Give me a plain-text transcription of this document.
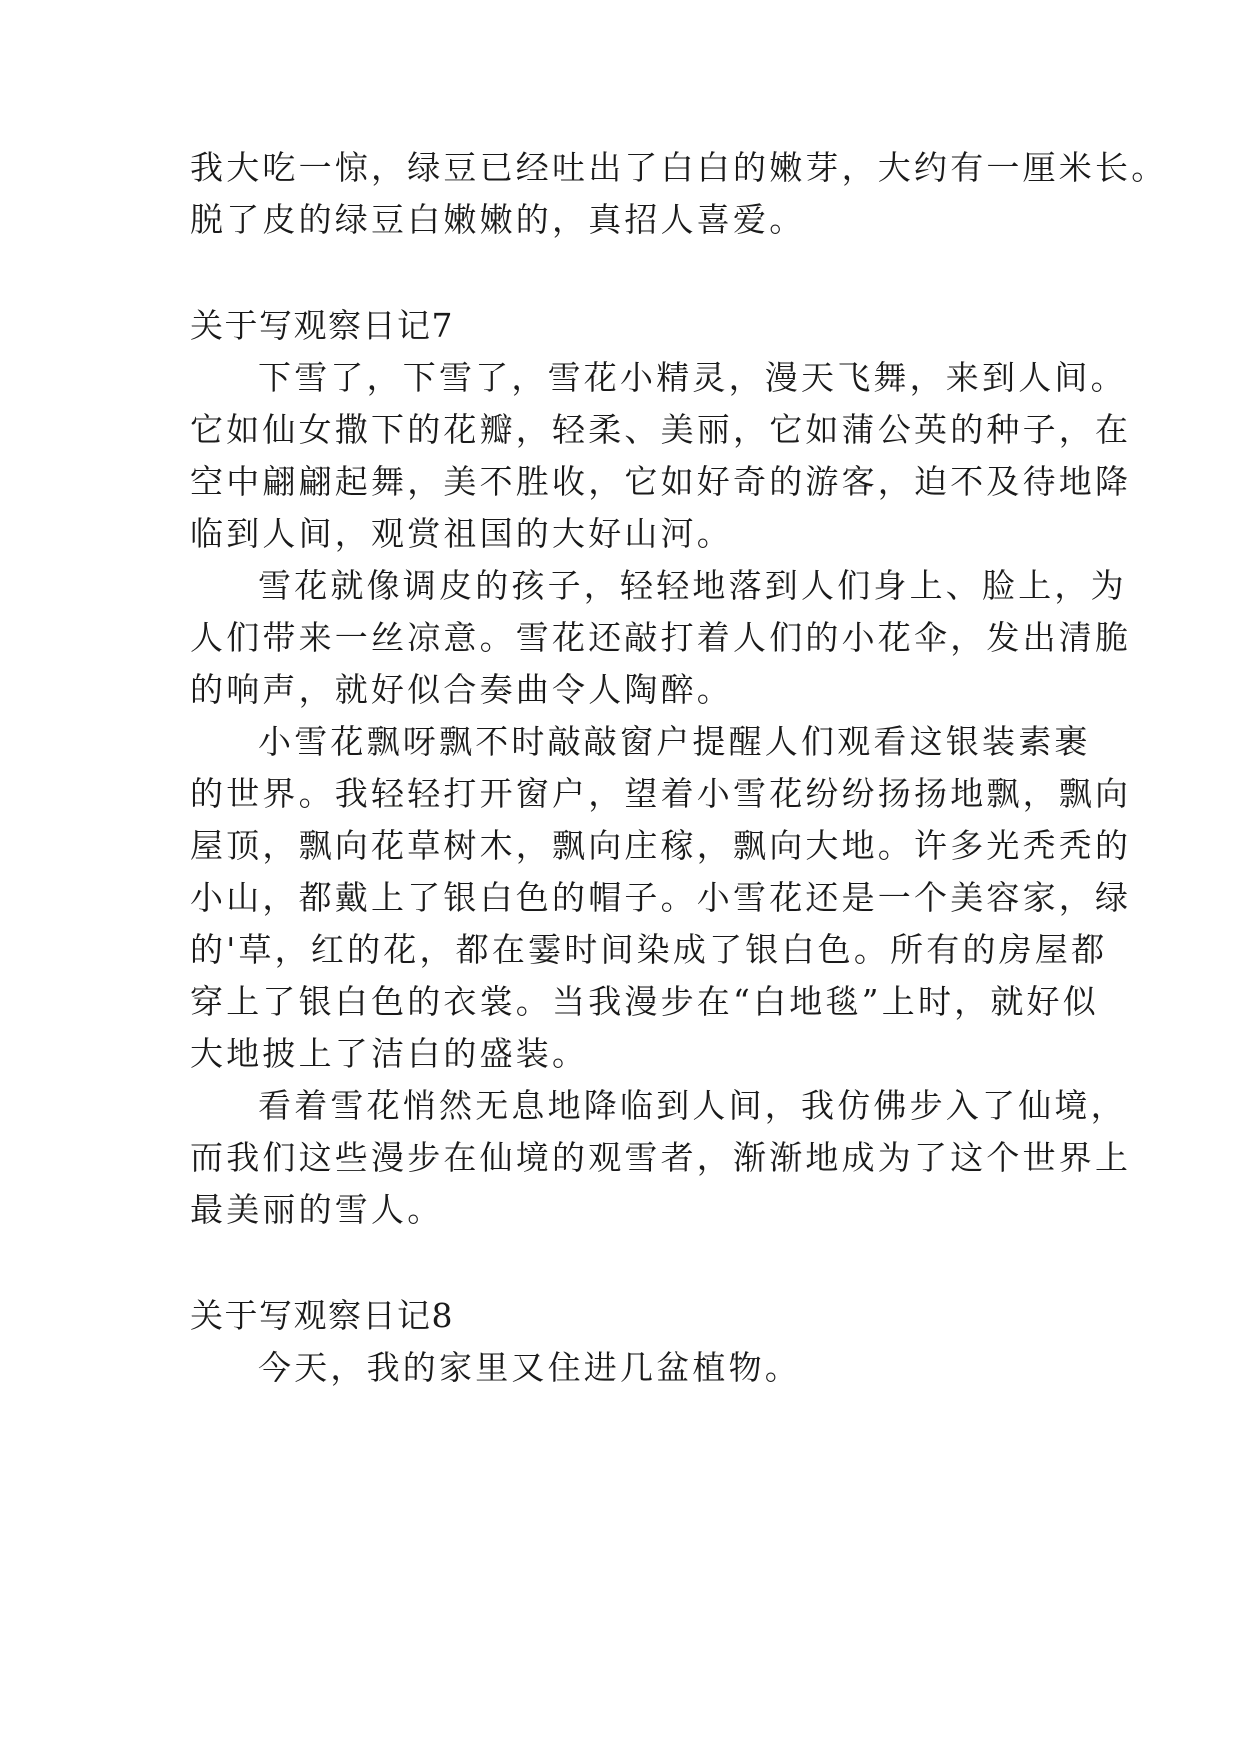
我大吃一惊，绿豆已经吐出了白白的嫩芽，大约有一厘米长。
脱了皮的绿豆白嫩嫩的，真招人喜爱。
关于写观察日记7
下雪了，下雪了，雪花小精灵，漫天飞舞，来到人间。
它如仙女撒下的花瓣，轻柔、美丽，它如蒲公英的种子，在
空中翩翩起舞，美不胜收，它如好奇的游客，迫不及待地降
临到人间，观赏祖国的大好山河。
雪花就像调皮的孩子，轻轻地落到人们身上、脸上，为
人们带来一丝凉意。雪花还敲打着人们的小花伞，发出清脆
的响声，就好似合奏曲令人陶醉。
小雪花飘呀飘不时敲敲窗户提醒人们观看这银装素裹
的世界。我轻轻打开窗户，望着小雪花纷纷扬扬地飘，飘向
屋顶，飘向花草树木，飘向庄稼，飘向大地。许多光秃秃的
小山，都戴上了银白色的帽子。小雪花还是一个美容家，绿
的'草，红的花，都在霎时间染成了银白色。所有的房屋都
穿上了银白色的衣裳。当我漫步在“白地毯”上时，就好似
大地披上了洁白的盛装。
看着雪花悄然无息地降临到人间，我仿佛步入了仙境，
而我们这些漫步在仙境的观雪者，渐渐地成为了这个世界上
最美丽的雪人。
关于写观察日记8
今天，我的家里又住进几盆植物。
